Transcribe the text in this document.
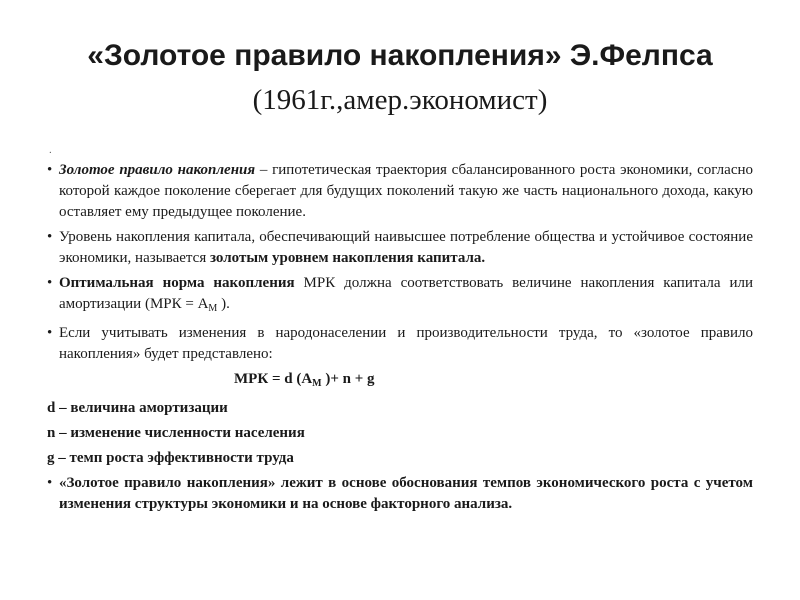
«Золотое правило накопления» Э.Фелпса
(1961г.,амер.экономист)
.
• Золотое правило накопления – гипотетическая траектория сбалансированного роста экономики, согласно которой каждое поколение сберегает для будущих поколений такую же часть национального дохода, какую оставляет ему предыдущее поколение.
• Уровень накопления капитала, обеспечивающий наивысшее потребление общества и устойчивое состояние экономики, называется золотым уровнем накопления капитала.
• Оптимальная норма накопления МРК должна соответствовать величине накопления капитала или амортизации ($МРК = А_М$ ).
• Если учитывать изменения в народонаселении и производительности труда, то «золотое правило накопления» будет представлено:
МРК = d ($А_М$ )+ n + g
d – величина амортизации
n – изменение численности населения
g – темп роста эффективности труда
• «Золотое правило накопления» лежит в основе обоснования темпов экономического роста с учетом изменения структуры экономики и на основе факторного анализа.
